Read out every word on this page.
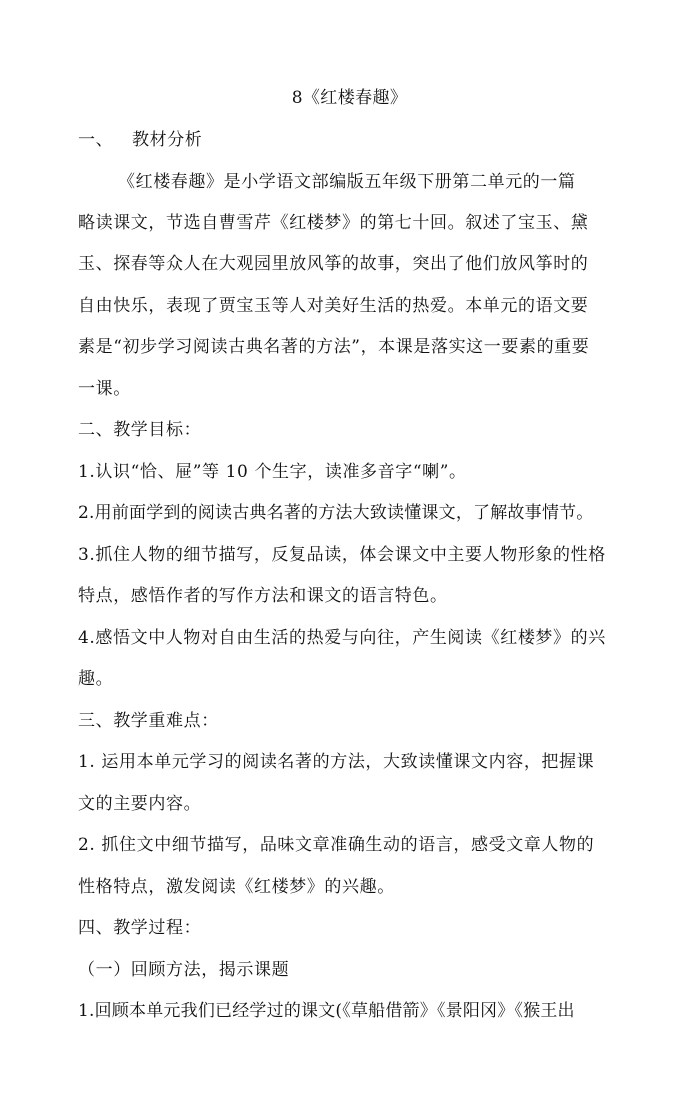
8《红楼春趣》
一、 教材分析
《红楼春趣》是小学语文部编版五年级下册第二单元的一篇
略读课文，节选自曹雪芹《红楼梦》的第七十回。叙述了宝玉、黛
玉、探春等众人在大观园里放风筝的故事，突出了他们放风筝时的
自由快乐，表现了贾宝玉等人对美好生活的热爱。本单元的语文要
素是“初步学习阅读古典名著的方法”，本课是落实这一要素的重要
一课。
二、教学目标：
1.认识“恰、屉”等 10 个生字，读准多音字“喇”。
2.用前面学到的阅读古典名著的方法大致读懂课文，了解故事情节。
3.抓住人物的细节描写，反复品读，体会课文中主要人物形象的性格
特点，感悟作者的写作方法和课文的语言特色。
4.感悟文中人物对自由生活的热爱与向往，产生阅读《红楼梦》的兴
趣。
三、教学重难点：
1. 运用本单元学习的阅读名著的方法，大致读懂课文内容，把握课
文的主要内容。
2. 抓住文中细节描写，品味文章准确生动的语言，感受文章人物的
性格特点，激发阅读《红楼梦》的兴趣。
四、教学过程：
（一）回顾方法，揭示课题
1.回顾本单元我们已经学过的课文(《草船借箭》《景阳冈》《猴王出
